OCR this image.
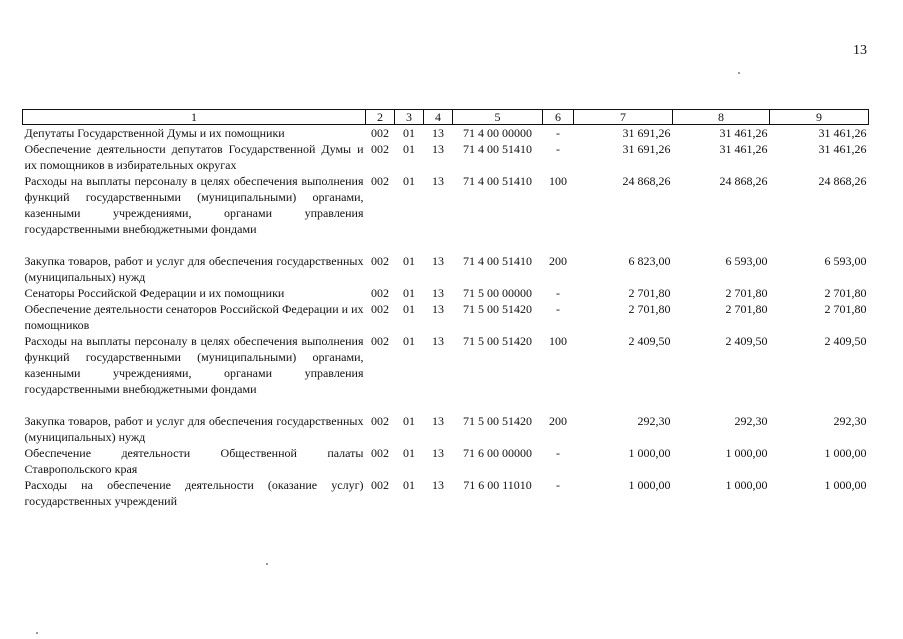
13
1	2	3	4	5	6	7	8	9
Депутаты Государственной Думы и их помощники	002	01	13	71 4 00 00000	-	31 691,26	31 461,26	31 461,26
Обеспечение деятельности депутатов Государственной Думы и их помощников в избирательных округах	002	01	13	71 4 00 51410	-	31 691,26	31 461,26	31 461,26
Расходы на выплаты персоналу в целях обеспечения выполнения функций государственными (муниципальными) органами, казенными учреждениями, органами управления государственными внебюджетными фондами	002	01	13	71 4 00 51410	100	24 868,26	24 868,26	24 868,26
Закупка товаров, работ и услуг для обеспечения государственных (муниципальных) нужд	002	01	13	71 4 00 51410	200	6 823,00	6 593,00	6 593,00
Сенаторы Российской Федерации и их помощники	002	01	13	71 5 00 00000	-	2 701,80	2 701,80	2 701,80
Обеспечение деятельности сенаторов Российской Федерации и их помощников	002	01	13	71 5 00 51420	-	2 701,80	2 701,80	2 701,80
Расходы на выплаты персоналу в целях обеспечения выполнения функций государственными (муниципальными) органами, казенными учреждениями, органами управления государственными внебюджетными фондами	002	01	13	71 5 00 51420	100	2 409,50	2 409,50	2 409,50
Закупка товаров, работ и услуг для обеспечения государственных (муниципальных) нужд	002	01	13	71 5 00 51420	200	292,30	292,30	292,30
Обеспечение деятельности Общественной палаты Ставропольского края	002	01	13	71 6 00 00000	-	1 000,00	1 000,00	1 000,00
Расходы на обеспечение деятельности (оказание услуг) государственных учреждений	002	01	13	71 6 00 11010	-	1 000,00	1 000,00	1 000,00
